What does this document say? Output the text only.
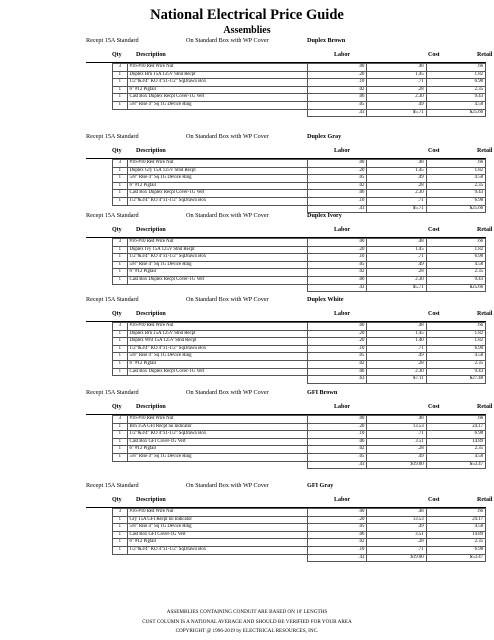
National Electrical Price Guide
Assemblies
Recept 15A Standard	On Standard Box with WP Cover	Duplex Brown
Qty Description	Labor	Cost	Retail
3	#16-#10 Red Wire Nut	.00	.48	.66
1	Duplex Brn 15A 125V Stnd Recpt	.20	1.45	1.82
1	1/2"&3/4" KO 4"x1-1/2" SqDrawn Box	.10	.71	6.98
1	6" #12 Pigtail	.02	.28	2.35
1	Cast Box Duplex Recpt Cover-1G Vert	.06	2.30	9.43
1	5/8" Rise 4" Sq 1G Device Ring	.05	.49	4.58
		.43	$5.71	$25.66
Recept 15A Standard	On Standard Box with WP Cover	Duplex Gray
Qty Description	Labor	Cost	Retail
3	#16-#10 Red Wire Nut	.00	.48	.66
1	Duplex Gry 15A 125V Stnd Recpt	.20	1.45	1.82
1	5/8" Rise 4" Sq 1G Device Ring	.05	.49	4.58
1	6" #12 Pigtail	.02	.28	2.35
1	Cast Box Duplex Recpt Cover-1G Vert	.06	2.30	9.43
1	1/2"&3/4" KO 4"x1-1/2" SqDrawn Box	.10	.71	6.98
		.43	$5.71	$25.66
Recept 15A Standard	On Standard Box with WP Cover	Duplex Ivory
Qty Description	Labor	Cost	Retail
3	#16-#10 Red Wire Nut	.00	.48	.66
1	Duplex Ivy 15A 125V Stnd Recpt	.20	1.45	1.82
1	1/2"&3/4" KO 4"x1-1/2" SqDrawn Box	.10	.71	6.98
1	5/8" Rise 4" Sq 1G Device Ring	.05	.49	4.58
1	6" #12 Pigtail	.02	.28	2.35
1	Cast Box Duplex Recpt Cover-1G Vert	.06	2.30	9.43
		.43	$5.71	$25.66
Recept 15A Standard	On Standard Box with WP Cover	Duplex White
Qty Description	Labor	Cost	Retail
3	#16-#10 Red Wire Nut	.00	.48	.66
1	Duplex Brn 15A 125V Stnd Recpt	.20	1.45	1.82
1	Duplex Wht 15A 125V Stnd Recpt	.20	1.40	1.82
1	1/2"&3/4" KO 4"x1-1/2" SqDrawn Box	.10	.71	6.98
1	5/8" Rise 4" Sq 1G Device Ring	.05	.49	4.58
1	6" #12 Pigtail	.02	.28	2.35
1	Cast Box Duplex Recpt Cover-1G Vert	.06	2.30	9.43
		.63	$7.11	$27.48
Recept 15A Standard	On Standard Box with WP Cover	GFI Brown
Qty Description	Labor	Cost	Retail
3	#16-#10 Red Wire Nut	.00	.48	.66
1	Brn 15A GFI Recpt no Indicator	.20	13.53	24.17
1	1/2"&3/4" KO 4"x1-1/2" SqDrawn Box	.10	.71	6.98
1	Cast Box GFI Cover-1G Vert	.06	3.51	14.89
1	6" #12 Pigtail	.02	.28	2.35
1	5/8" Rise 4" Sq 1G Device Ring	.05	.49	4.58
		.43	$19.00	$53.47
Recept 15A Standard	On Standard Box with WP Cover	GFI Gray
Qty Description	Labor	Cost	Retail
3	#16-#10 Red Wire Nut	.00	.48	.66
1	Gry 15A GFI Recpt no Indicator	.20	13.53	24.17
1	5/8" Rise 4" Sq 1G Device Ring	.05	.49	4.58
1	Cast Box GFI Cover-1G Vert	.06	3.51	14.89
1	6" #12 Pigtail	.02	.28	2.35
1	1/2"&3/4" KO 4"x1-1/2" SqDrawn Box	.10	.71	6.98
		.43	$19.00	$53.47
ASSEMBLIES CONTAINING CONDUIT ARE BASED ON 10' LENGTHS
COST COLUMN IS A NATIONAL AVERAGE AND SHOULD BE VERIFIED FOR YOUR AREA
COPYRIGHT @ 1996-2019 by ELECTRICAL RESOURCES, INC.
